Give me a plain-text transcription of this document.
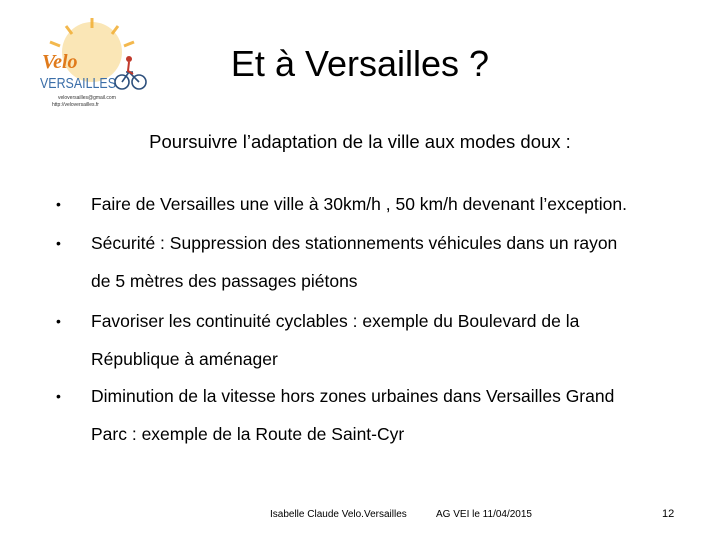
Velo
VERSAILLES
veloversailles@gmail.com
http://veloversailles.fr
Et à Versailles ?
Poursuivre l’adaptation de la ville aux modes doux :
• Faire de Versailles une ville à 30km/h , 50 km/h devenant l’exception.
• Sécurité : Suppression des stationnements véhicules dans un rayon
de 5 mètres des passages piétons
• Favoriser les continuité cyclables : exemple du Boulevard de la
République à aménager
• Diminution de la vitesse hors zones urbaines dans Versailles Grand
Parc : exemple de la Route de Saint-Cyr
Isabelle Claude Velo.Versailles	AG VEI le 11/04/2015	12
